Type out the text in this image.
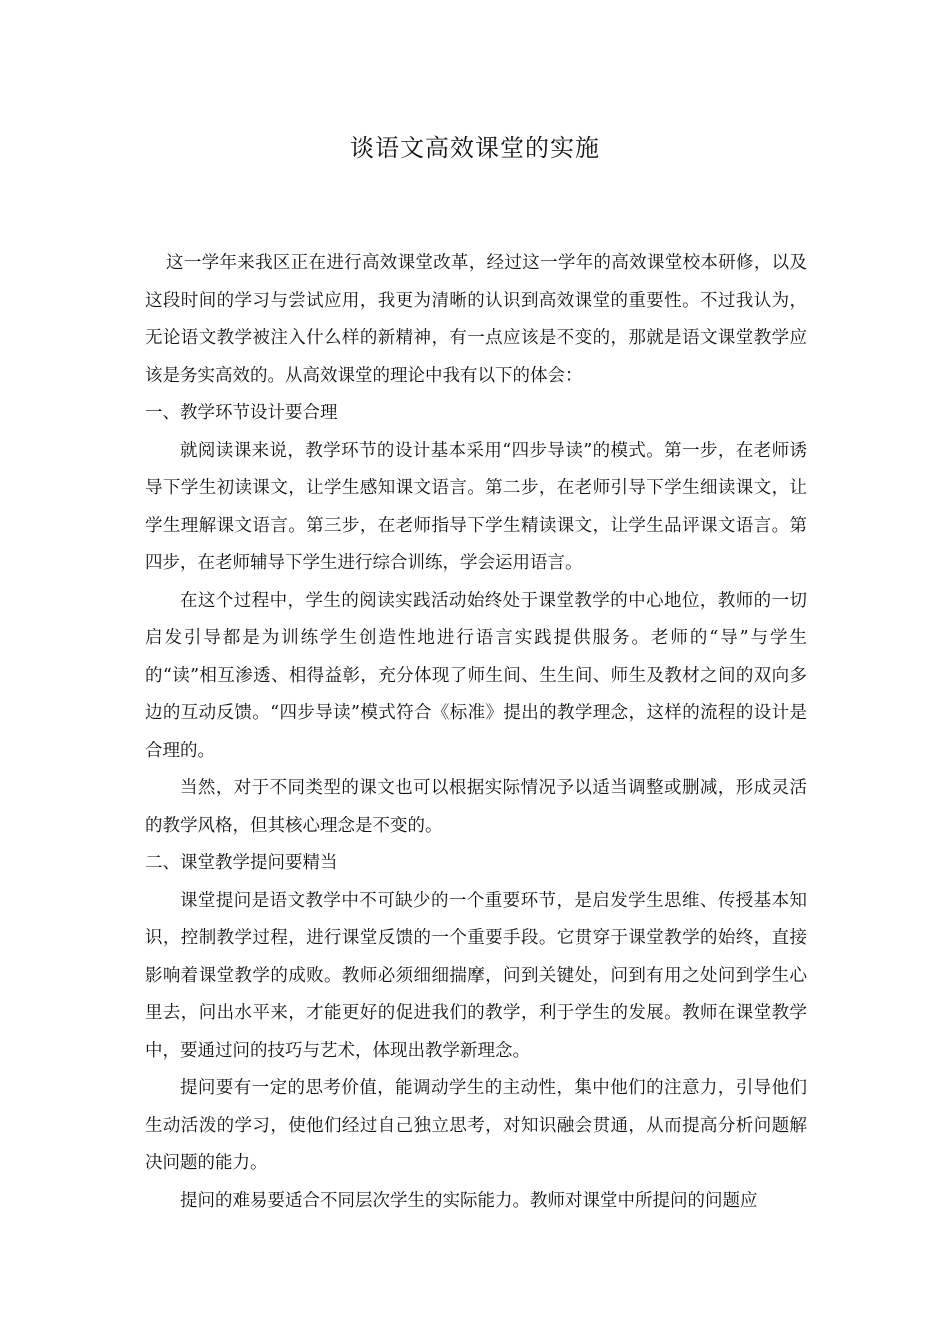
谈语文高效课堂的实施

这一学年来我区正在进行高效课堂改革，经过这一学年的高效课堂校本研修，以及这段时间的学习与尝试应用，我更为清晰的认识到高效课堂的重要性。不过我认为，无论语文教学被注入什么样的新精神，有一点应该是不变的，那就是语文课堂教学应该是务实高效的。从高效课堂的理论中我有以下的体会：

一、教学环节设计要合理

就阅读课来说，教学环节的设计基本采用“四步导读”的模式。第一步，在老师诱导下学生初读课文，让学生感知课文语言。第二步，在老师引导下学生细读课文，让学生理解课文语言。第三步，在老师指导下学生精读课文，让学生品评课文语言。第四步，在老师辅导下学生进行综合训练，学会运用语言。

在这个过程中，学生的阅读实践活动始终处于课堂教学的中心地位，教师的一切启发引导都是为训练学生创造性地进行语言实践提供服务。老师的“导”与学生的“读”相互渗透、相得益彰，充分体现了师生间、生生间、师生及教材之间的双向多边的互动反馈。“四步导读”模式符合《标准》提出的教学理念，这样的流程的设计是合理的。

当然，对于不同类型的课文也可以根据实际情况予以适当调整或删减，形成灵活的教学风格，但其核心理念是不变的。

二、课堂教学提问要精当

课堂提问是语文教学中不可缺少的一个重要环节，是启发学生思维、传授基本知识，控制教学过程，进行课堂反馈的一个重要手段。它贯穿于课堂教学的始终，直接影响着课堂教学的成败。教师必须细细揣摩，问到关键处，问到有用之处问到学生心里去，问出水平来，才能更好的促进我们的教学，利于学生的发展。教师在课堂教学中，要通过问的技巧与艺术，体现出教学新理念。

提问要有一定的思考价值，能调动学生的主动性，集中他们的注意力，引导他们生动活泼的学习，使他们经过自己独立思考，对知识融会贯通，从而提高分析问题解决问题的能力。

提问的难易要适合不同层次学生的实际能力。教师对课堂中所提问的问题应
